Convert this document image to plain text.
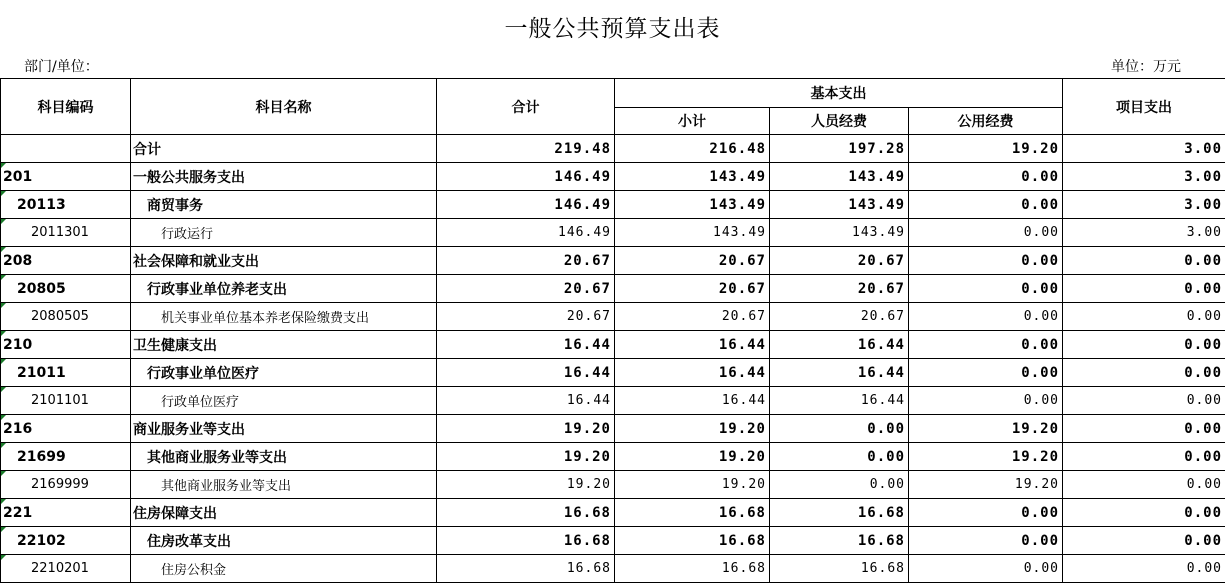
一般公共预算支出表
部门/单位：	单位：万元
科目编码	科目名称	合计	基本支出			项目支出
			小计	人员经费	公用经费	
	合计	219.48	216.48	197.28	19.20	3.00

201	一般公共服务支出	146.49	143.49	143.49	0.00	3.00

20113	商贸事务	146.49	143.49	143.49	0.00	3.00

2011301	行政运行	146.49	143.49	143.49	0.00	3.00

208	社会保障和就业支出	20.67	20.67	20.67	0.00	0.00

20805	行政事业单位养老支出	20.67	20.67	20.67	0.00	0.00

2080505	机关事业单位基本养老保险缴费支出	20.67	20.67	20.67	0.00	0.00

210	卫生健康支出	16.44	16.44	16.44	0.00	0.00

21011	行政事业单位医疗	16.44	16.44	16.44	0.00	0.00

2101101	行政单位医疗	16.44	16.44	16.44	0.00	0.00

216	商业服务业等支出	19.20	19.20	0.00	19.20	0.00

21699	其他商业服务业等支出	19.20	19.20	0.00	19.20	0.00

2169999	其他商业服务业等支出	19.20	19.20	0.00	19.20	0.00

221	住房保障支出	16.68	16.68	16.68	0.00	0.00

22102	住房改革支出	16.68	16.68	16.68	0.00	0.00

2210201	住房公积金	16.68	16.68	16.68	0.00	0.00
